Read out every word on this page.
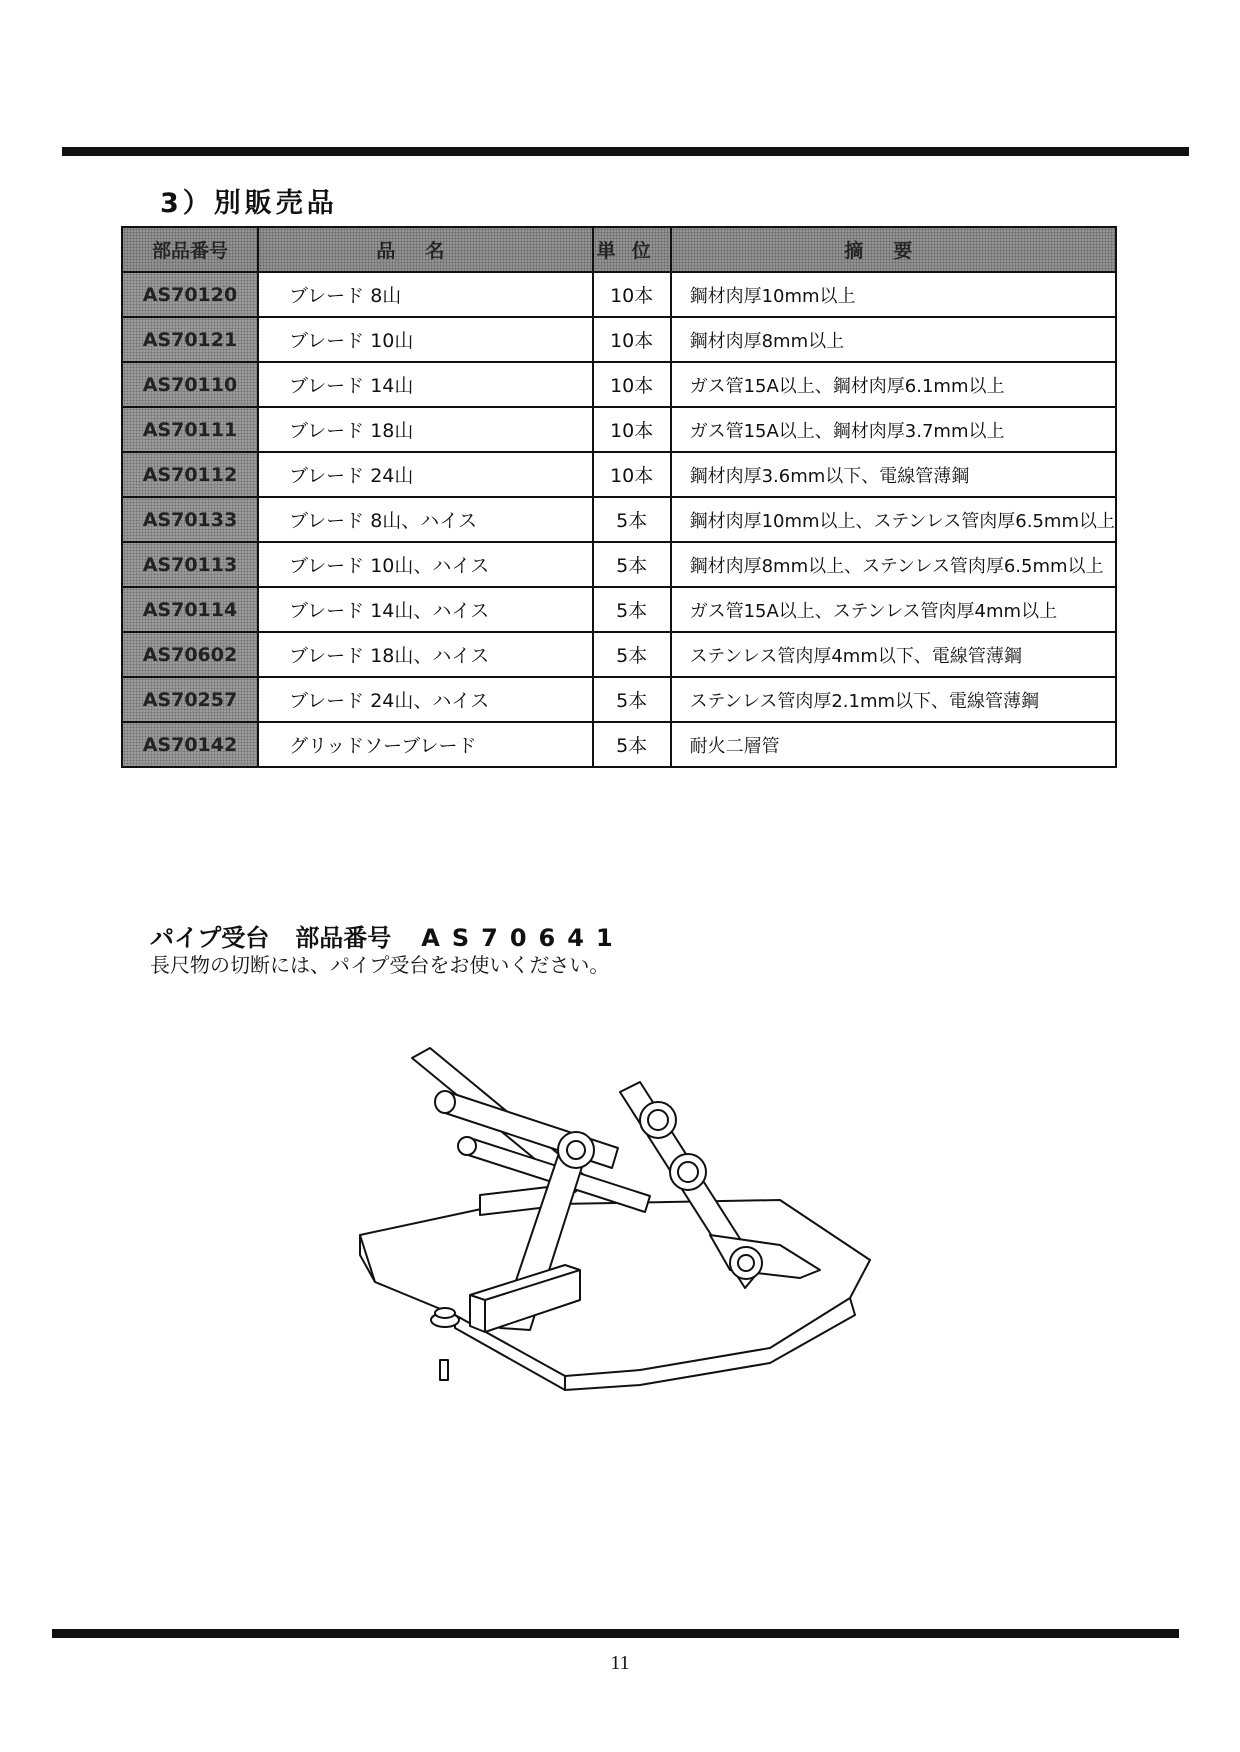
3）別販売品
部品番号	品名	単位	摘要
AS70120	ブレード 8山	10本	鋼材肉厚10mm以上
AS70121	ブレード 10山	10本	鋼材肉厚8mm以上
AS70110	ブレード 14山	10本	ガス管15A以上、鋼材肉厚6.1mm以上
AS70111	ブレード 18山	10本	ガス管15A以上、鋼材肉厚3.7mm以上
AS70112	ブレード 24山	10本	鋼材肉厚3.6mm以下、電線管薄鋼
AS70133	ブレード 8山、ハイス	5本	鋼材肉厚10mm以上、ステンレス管肉厚6.5mm以上
AS70113	ブレード 10山、ハイス	5本	鋼材肉厚8mm以上、ステンレス管肉厚6.5mm以上
AS70114	ブレード 14山、ハイス	5本	ガス管15A以上、ステンレス管肉厚4mm以上
AS70602	ブレード 18山、ハイス	5本	ステンレス管肉厚4mm以下、電線管薄鋼
AS70257	ブレード 24山、ハイス	5本	ステンレス管肉厚2.1mm以下、電線管薄鋼
AS70142	グリッドソーブレード	5本	耐火二層管
パイプ受台 部品番号 AS70641
長尺物の切断には、パイプ受台をお使いください。
11
